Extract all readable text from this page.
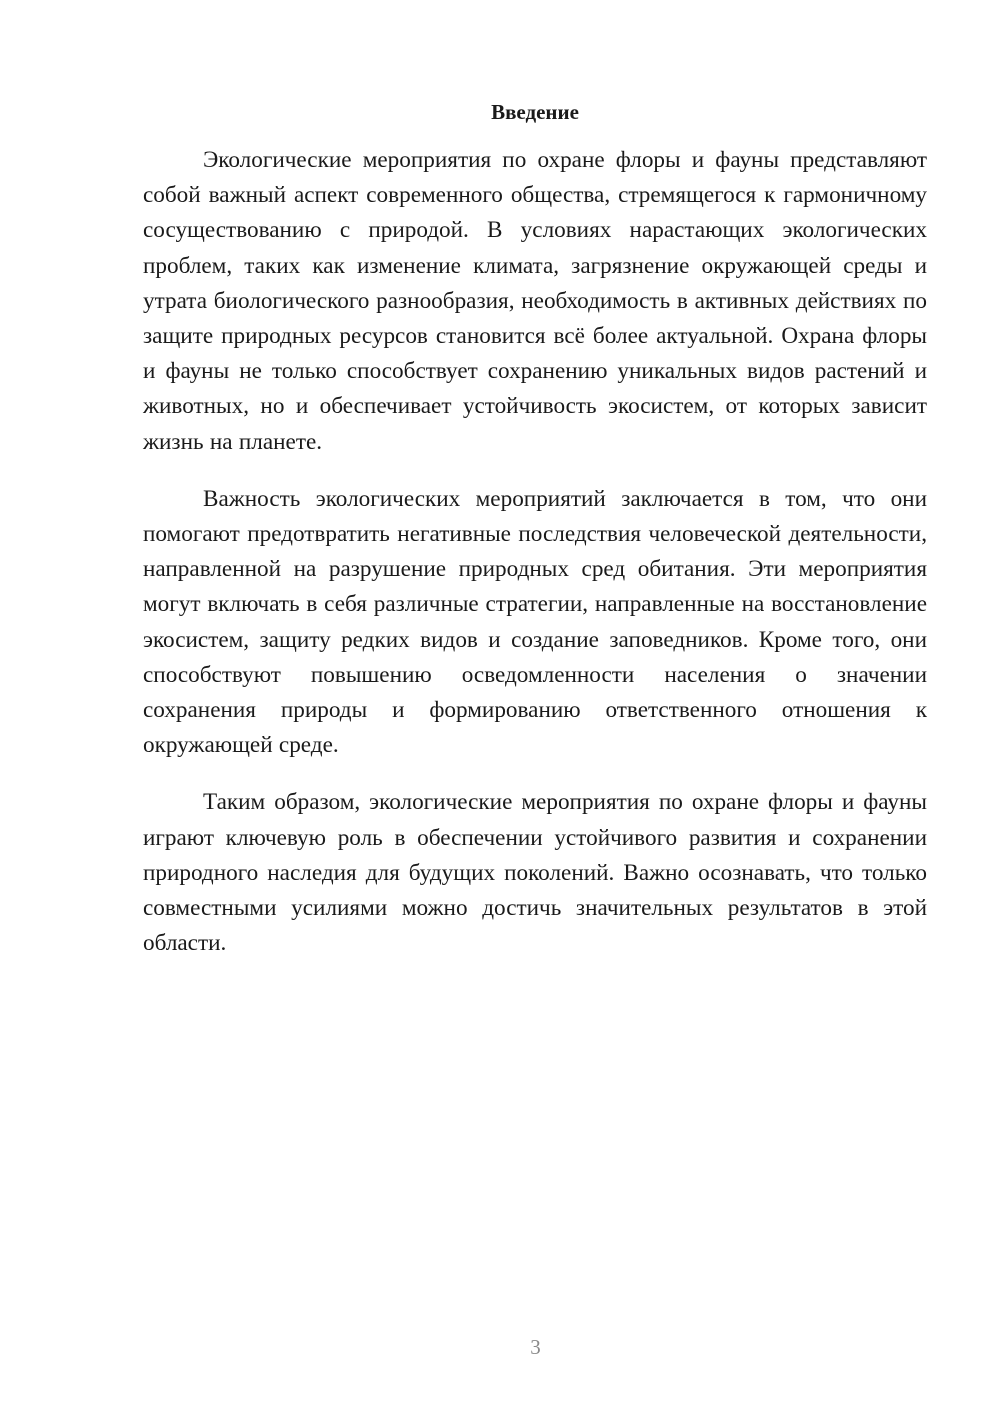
Введение

Экологические мероприятия по охране флоры и фауны представляют собой важный аспект современного общества, стремящегося к гармоничному сосуществованию с природой. В условиях нарастающих экологических проблем, таких как изменение климата, загрязнение окружающей среды и утрата биологического разнообразия, необходимость в активных действиях по защите природных ресурсов становится всё более актуальной. Охрана флоры и фауны не только способствует сохранению уникальных видов растений и животных, но и обеспечивает устойчивость экосистем, от которых зависит жизнь на планете.

Важность экологических мероприятий заключается в том, что они помогают предотвратить негативные последствия человеческой деятельности, направленной на разрушение природных сред обитания. Эти мероприятия могут включать в себя различные стратегии, направленные на восстановление экосистем, защиту редких видов и создание заповедников. Кроме того, они способствуют повышению осведомленности населения о значении сохранения природы и формированию ответственного отношения к окружающей среде.

Таким образом, экологические мероприятия по охране флоры и фауны играют ключевую роль в обеспечении устойчивого развития и сохранении природного наследия для будущих поколений. Важно осознавать, что только совместными усилиями можно достичь значительных результатов в этой области.

3
